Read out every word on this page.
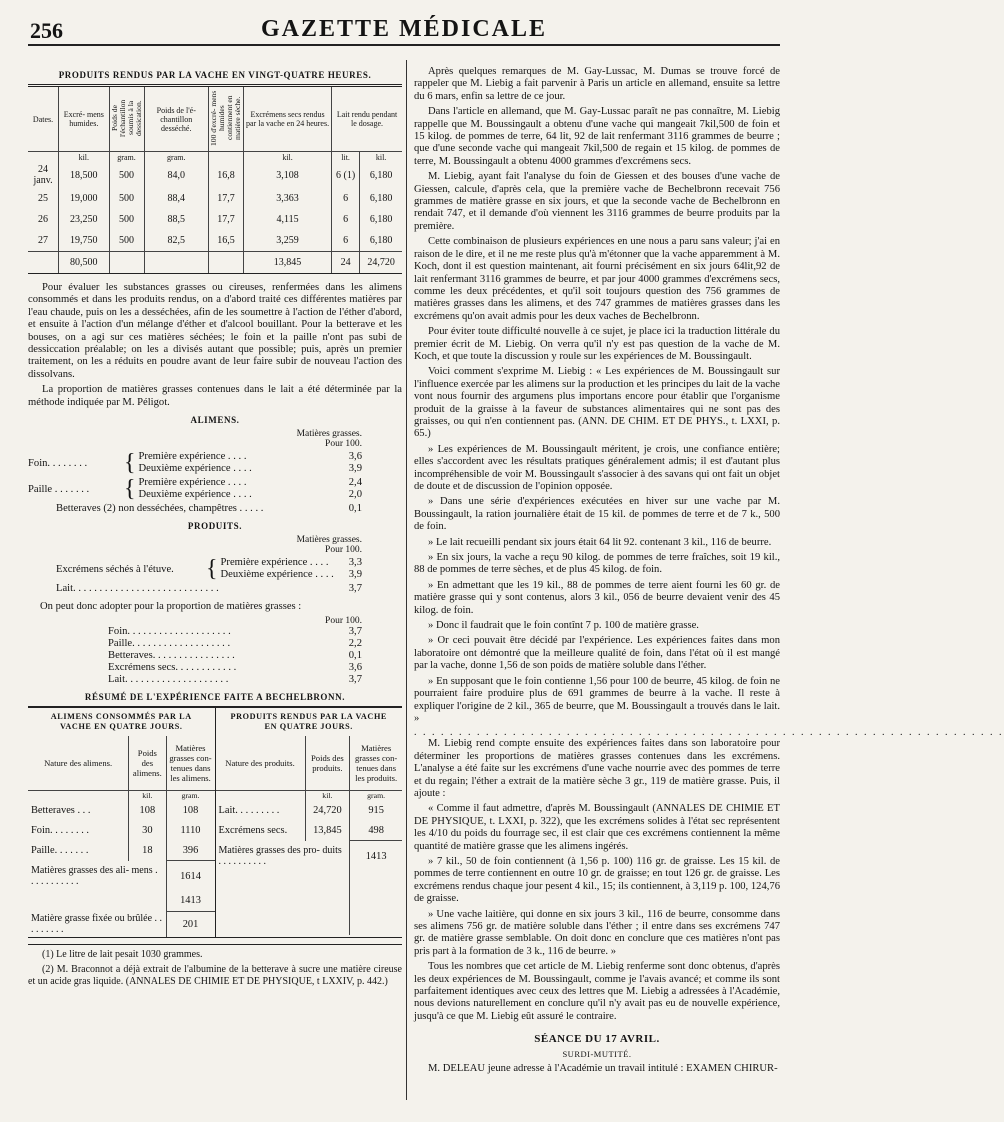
256	GAZETTE MÉDICALE
PRODUITS RENDUS PAR LA VACHE EN VINGT-QUATRE HEURES.
Dates.	Excré- mens humides.	Poids de l'échantillon soumis à la dessication.	Poids de l'é- chantillon desséché.	100 d'excré- mens humides contiennent en matière sèche.	Excrémens secs rendus par la vache en 24 heures.	Lait rendu pendant le dosage.	
	kil.	gram.	gram.		kil.	lit.	kil.
24 janv.	18,500	500	84,0	16,8	3,108	6 (1)	6,180
25	19,000	500	88,4	17,7	3,363	6	6,180
26	23,250	500	88,5	17,7	4,115	6	6,180
27	19,750	500	82,5	16,5	3,259	6	6,180
	80,500				13,845	24	24,720

Pour évaluer les substances grasses ou cireuses, renfermées dans les alimens consommés et dans les produits rendus, on a d'abord traité ces différentes matières par l'eau chaude, puis on les a desséchées, afin de les soumettre à l'action de l'éther d'abord, et ensuite à l'action d'un mélange d'éther et d'alcool bouillant. Pour la betterave et les bouses, on a agi sur ces matières séchées; le foin et la paille n'ont pas subi de dessiccation préalable; on les a divisés autant que possible; puis, après un premier traitement, on les a réduits en poudre avant de leur faire subir de nouveau l'action des dissolvans.

La proportion de matières grasses contenues dans le lait a été déterminée par la méthode indiquée par M. Péligot.

ALIMENS.
Matières grasses.
Pour 100.
Foin. . . . . . . .	{ Première expérience . . . .	3,6
Deuxième expérience . . . .	3,9
Paille . . . . . . .	{ Première expérience . . . .	2,4
Deuxième expérience . . . .	2,0
Betteraves (2) non desséchées, champêtres . . . . .	0,1
PRODUITS.
Matières grasses.
Pour 100.
Excrémens séchés à l'étuve.	{ Première expérience . . . . 3,3
Deuxième expérience . . . . 3,9
Lait. . . . . . . . . . . . . . . . . . . . . . . . . . . .	3,7

On peut donc adopter pour la proportion de matières grasses :

Pour 100.
Foin. . . . . . . . . . . . . . . . . . . .	3,7
Paille. . . . . . . . . . . . . . . . . . .	2,2
Betteraves. . . . . . . . . . . . . . . .	0,1
Excrémens secs. . . . . . . . . . . .	3,6
Lait. . . . . . . . . . . . . . . . . . . .	3,7
RÉSUMÉ DE L'EXPÉRIENCE FAITE A BECHELBRONN.
ALIMENS CONSOMMÉS PAR LA VACHE EN QUATRE JOURS.
Nature des alimens.	Poids des alimens.	Matières grasses con- tenues dans les alimens.
	kil.	gram.
Betteraves . . .	108	108
Foin. . . . . . . .	30	1110
Paille. . . . . . .	18	396
Matières grasses des ali- mens . . . . . . . . . . .		1614
		1413
Matière grasse fixée ou brûlée . . . . . . . . .		201
PRODUITS RENDUS PAR LA VACHE EN QUATRE JOURS.
Nature des produits.	Poids des produits.	Matières grasses con- tenues dans les produits.
	kil.	gram.
Lait. . . . . . . . .	24,720	915
Excrémens secs.	13,845	498
Matières grasses des pro- duits . . . . . . . . . .		1413

(1) Le litre de lait pesait 1030 grammes.

(2) M. Braconnot a déjà extrait de l'albumine de la betterave à sucre une matière cireuse et un acide gras liquide. (ANNALES DE CHIMIE ET DE PHYSIQUE, t LXXIV, p. 442.)

Après quelques remarques de M. Gay-Lussac, M. Dumas se trouve forcé de rappeler que M. Liebig a fait parvenir à Paris un article en allemand, ensuite sa lettre du 6 mars, enfin sa lettre de ce jour.

Dans l'article en allemand, que M. Gay-Lussac paraît ne pas connaître, M. Liebig rappelle que M. Boussingault a obtenu d'une vache qui mangeait 7kil,500 de foin et 15 kilog. de pommes de terre, 64 lit, 92 de lait renfermant 3116 grammes de beurre ; que d'une seconde vache qui mangeait 7kil,500 de regain et 15 kilog. de pommes de terre, M. Boussingault a obtenu 4000 grammes d'excrémens secs.

M. Liebig, ayant fait l'analyse du foin de Giessen et des bouses d'une vache de Giessen, calcule, d'après cela, que la première vache de Bechelbronn recevait 756 grammes de matière grasse en six jours, et que la seconde vache de Bechelbronn en rendait 747, et il demande d'où viennent les 3116 grammes de beurre produits par la première.

Cette combinaison de plusieurs expériences en une nous a paru sans valeur; j'ai en raison de le dire, et il ne me reste plus qu'à m'étonner que la vache apparemment à M. Koch, dont il est question maintenant, ait fourni précisément en six jours 64lit,92 de lait renfermant 3116 grammes de beurre, et par jour 4000 grammes d'excrémens secs, comme les deux précédentes, et qu'il soit toujours question des 756 grammes de matières grasses dans les alimens, et des 747 grammes de matières grasses dans les excrémens qu'on avait admis pour les deux vaches de Bechelbronn.

Pour éviter toute difficulté nouvelle à ce sujet, je place ici la traduction littérale du premier écrit de M. Liebig. On verra qu'il n'y est pas question de la vache de M. Koch, et que toute la discussion y roule sur les expériences de M. Boussingault.

Voici comment s'exprime M. Liebig : « Les expériences de M. Boussingault sur l'influence exercée par les alimens sur la production et les principes du lait de la vache vont nous fournir des argumens plus importans encore pour établir que l'organisme produit de la graisse à la faveur de substances alimentaires qui ne sont pas des graisses, ou qui n'en contiennent pas. (ANN. DE CHIM. ET DE PHYS., t. LXXI, p. 65.)

» Les expériences de M. Boussingault méritent, je crois, une confiance entière; elles s'accordent avec les résultats pratiques généralement admis; il est d'autant plus incompréhensible de voir M. Boussingault s'associer à des savans qui ont fait un objet de doute et de discussion de l'opinion opposée.

» Dans une série d'expériences exécutées en hiver sur une vache par M. Boussingault, la ration journalière était de 15 kil. de pommes de terre et de 7 k., 500 de foin.

» Le lait recueilli pendant six jours était 64 lit 92. contenant 3 kil., 116 de beurre.

» En six jours, la vache a reçu 90 kilog. de pommes de terre fraîches, soit 19 kil., 88 de pommes de terre sèches, et de plus 45 kilog. de foin.

» En admettant que les 19 kil., 88 de pommes de terre aient fourni les 60 gr. de matière grasse qui y sont contenus, alors 3 kil., 056 de beurre devaient venir des 45 kilog. de foin.

» Donc il faudrait que le foin contînt 7 p. 100 de matière grasse.

» Or ceci pouvait être décidé par l'expérience. Les expériences faites dans mon laboratoire ont démontré que la meilleure qualité de foin, dans l'état où il est mangé par la vache, donne 1,56 de son poids de matière soluble dans l'éther.

» En supposant que le foin contienne 1,56 pour 100 de beurre, 45 kilog. de foin ne pourraient faire produire plus de 691 grammes de beurre à la vache. Il reste à expliquer l'origine de 2 kil., 365 de beurre, que M. Boussingault a trouvés dans le lait. »

. . . . . . . . . . . . . . . . . . . . . . . . . . . . . . . . . . . . . . . . . . . . . . . . . . . . . . . . . . . . . . . . . .

M. Liebig rend compte ensuite des expériences faites dans son laboratoire pour déterminer les proportions de matières grasses contenues dans les excrémens. L'analyse a été faite sur les excrémens d'une vache nourrie avec des pommes de terre et du regain; l'éther a extrait de la matière sèche 3 gr., 119 de matière grasse. Puis, il ajoute :

« Comme il faut admettre, d'après M. Boussingault (ANNALES DE CHIMIE ET DE PHYSIQUE, t. LXXI, p. 322), que les excrémens solides à l'état sec représentent les 4/10 du poids du fourrage sec, il est clair que ces excrémens contiennent la même quantité de matière grasse que les alimens ingérés.

» 7 kil., 50 de foin contiennent (à 1,56 p. 100) 116 gr. de graisse. Les 15 kil. de pommes de terre contiennent en outre 10 gr. de graisse; en tout 126 gr. de graisse. Les excrémens rendus chaque jour pesent 4 kil., 15; ils contiennent, à 3,119 p. 100, 124,76 de graisse.

» Une vache laitière, qui donne en six jours 3 kil., 116 de beurre, consomme dans ses alimens 756 gr. de matière soluble dans l'éther ; il entre dans ses excrémens 747 gr. de matière grasse semblable. On doit donc en conclure que ces matières n'ont pas pris part à la formation de 3 k., 116 de beurre. »

Tous les nombres que cet article de M. Liebig renferme sont donc obtenus, d'après les deux expériences de M. Boussingault, comme je l'avais avancé; et comme ils sont parfaitement identiques avec ceux des lettres que M. Liebig a adressées à l'Académie, nous devions naturellement en conclure qu'il n'y avait pas eu de nouvelle expérience, jusqu'à ce que M. Liebig eût assuré le contraire.

SÉANCE DU 17 AVRIL.
SURDI-MUTITÉ.

M. DELEAU jeune adresse à l'Académie un travail intitulé : EXAMEN CHIRUR-
